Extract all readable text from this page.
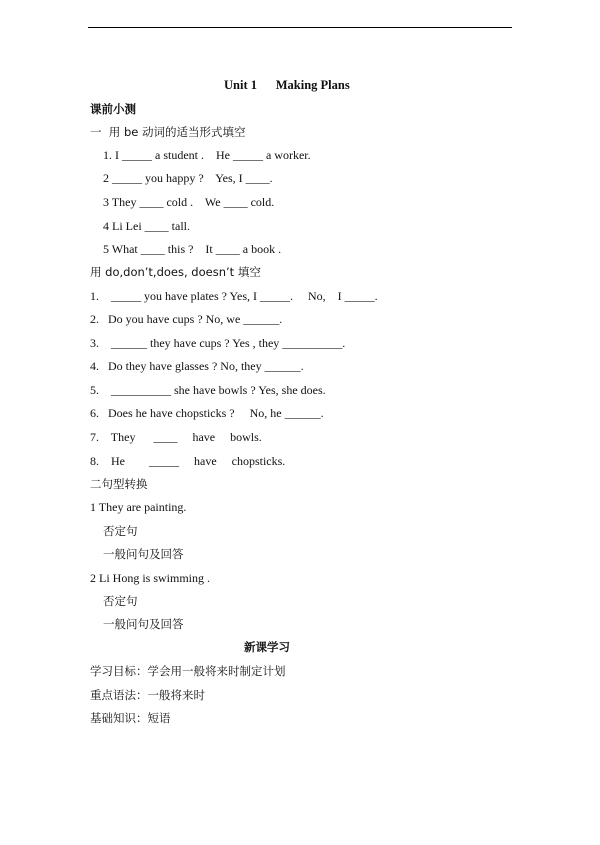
Unit 1      Making Plans
课前小测
一  用 be 动词的适当形式填空
1. I _____ a student .    He _____ a worker.
2 _____ you happy ?    Yes, I ____.
3 They ____ cold .    We ____ cold.
4 Li Lei ____ tall.
5 What ____ this ?    It ____ a book .
用 do,don’t,does, doesn’t 填空
1.    _____ you have plates ? Yes, I _____.     No,    I _____.
2.   Do you have cups ? No, we ______.
3.    ______ they have cups ? Yes , they __________.
4.   Do they have glasses ? No, they ______.
5.    __________ she have bowls ? Yes, she does.
6.   Does he have chopsticks ?     No, he ______.
7.    They      ____     have     bowls.
8.    He        _____     have     chopsticks.
二句型转换
1 They are painting.
否定句
一般问句及回答
2 Li Hong is swimming .
否定句
一般问句及回答
新课学习
学习目标：学会用一般将来时制定计划
重点语法：一般将来时
基础知识：短语
